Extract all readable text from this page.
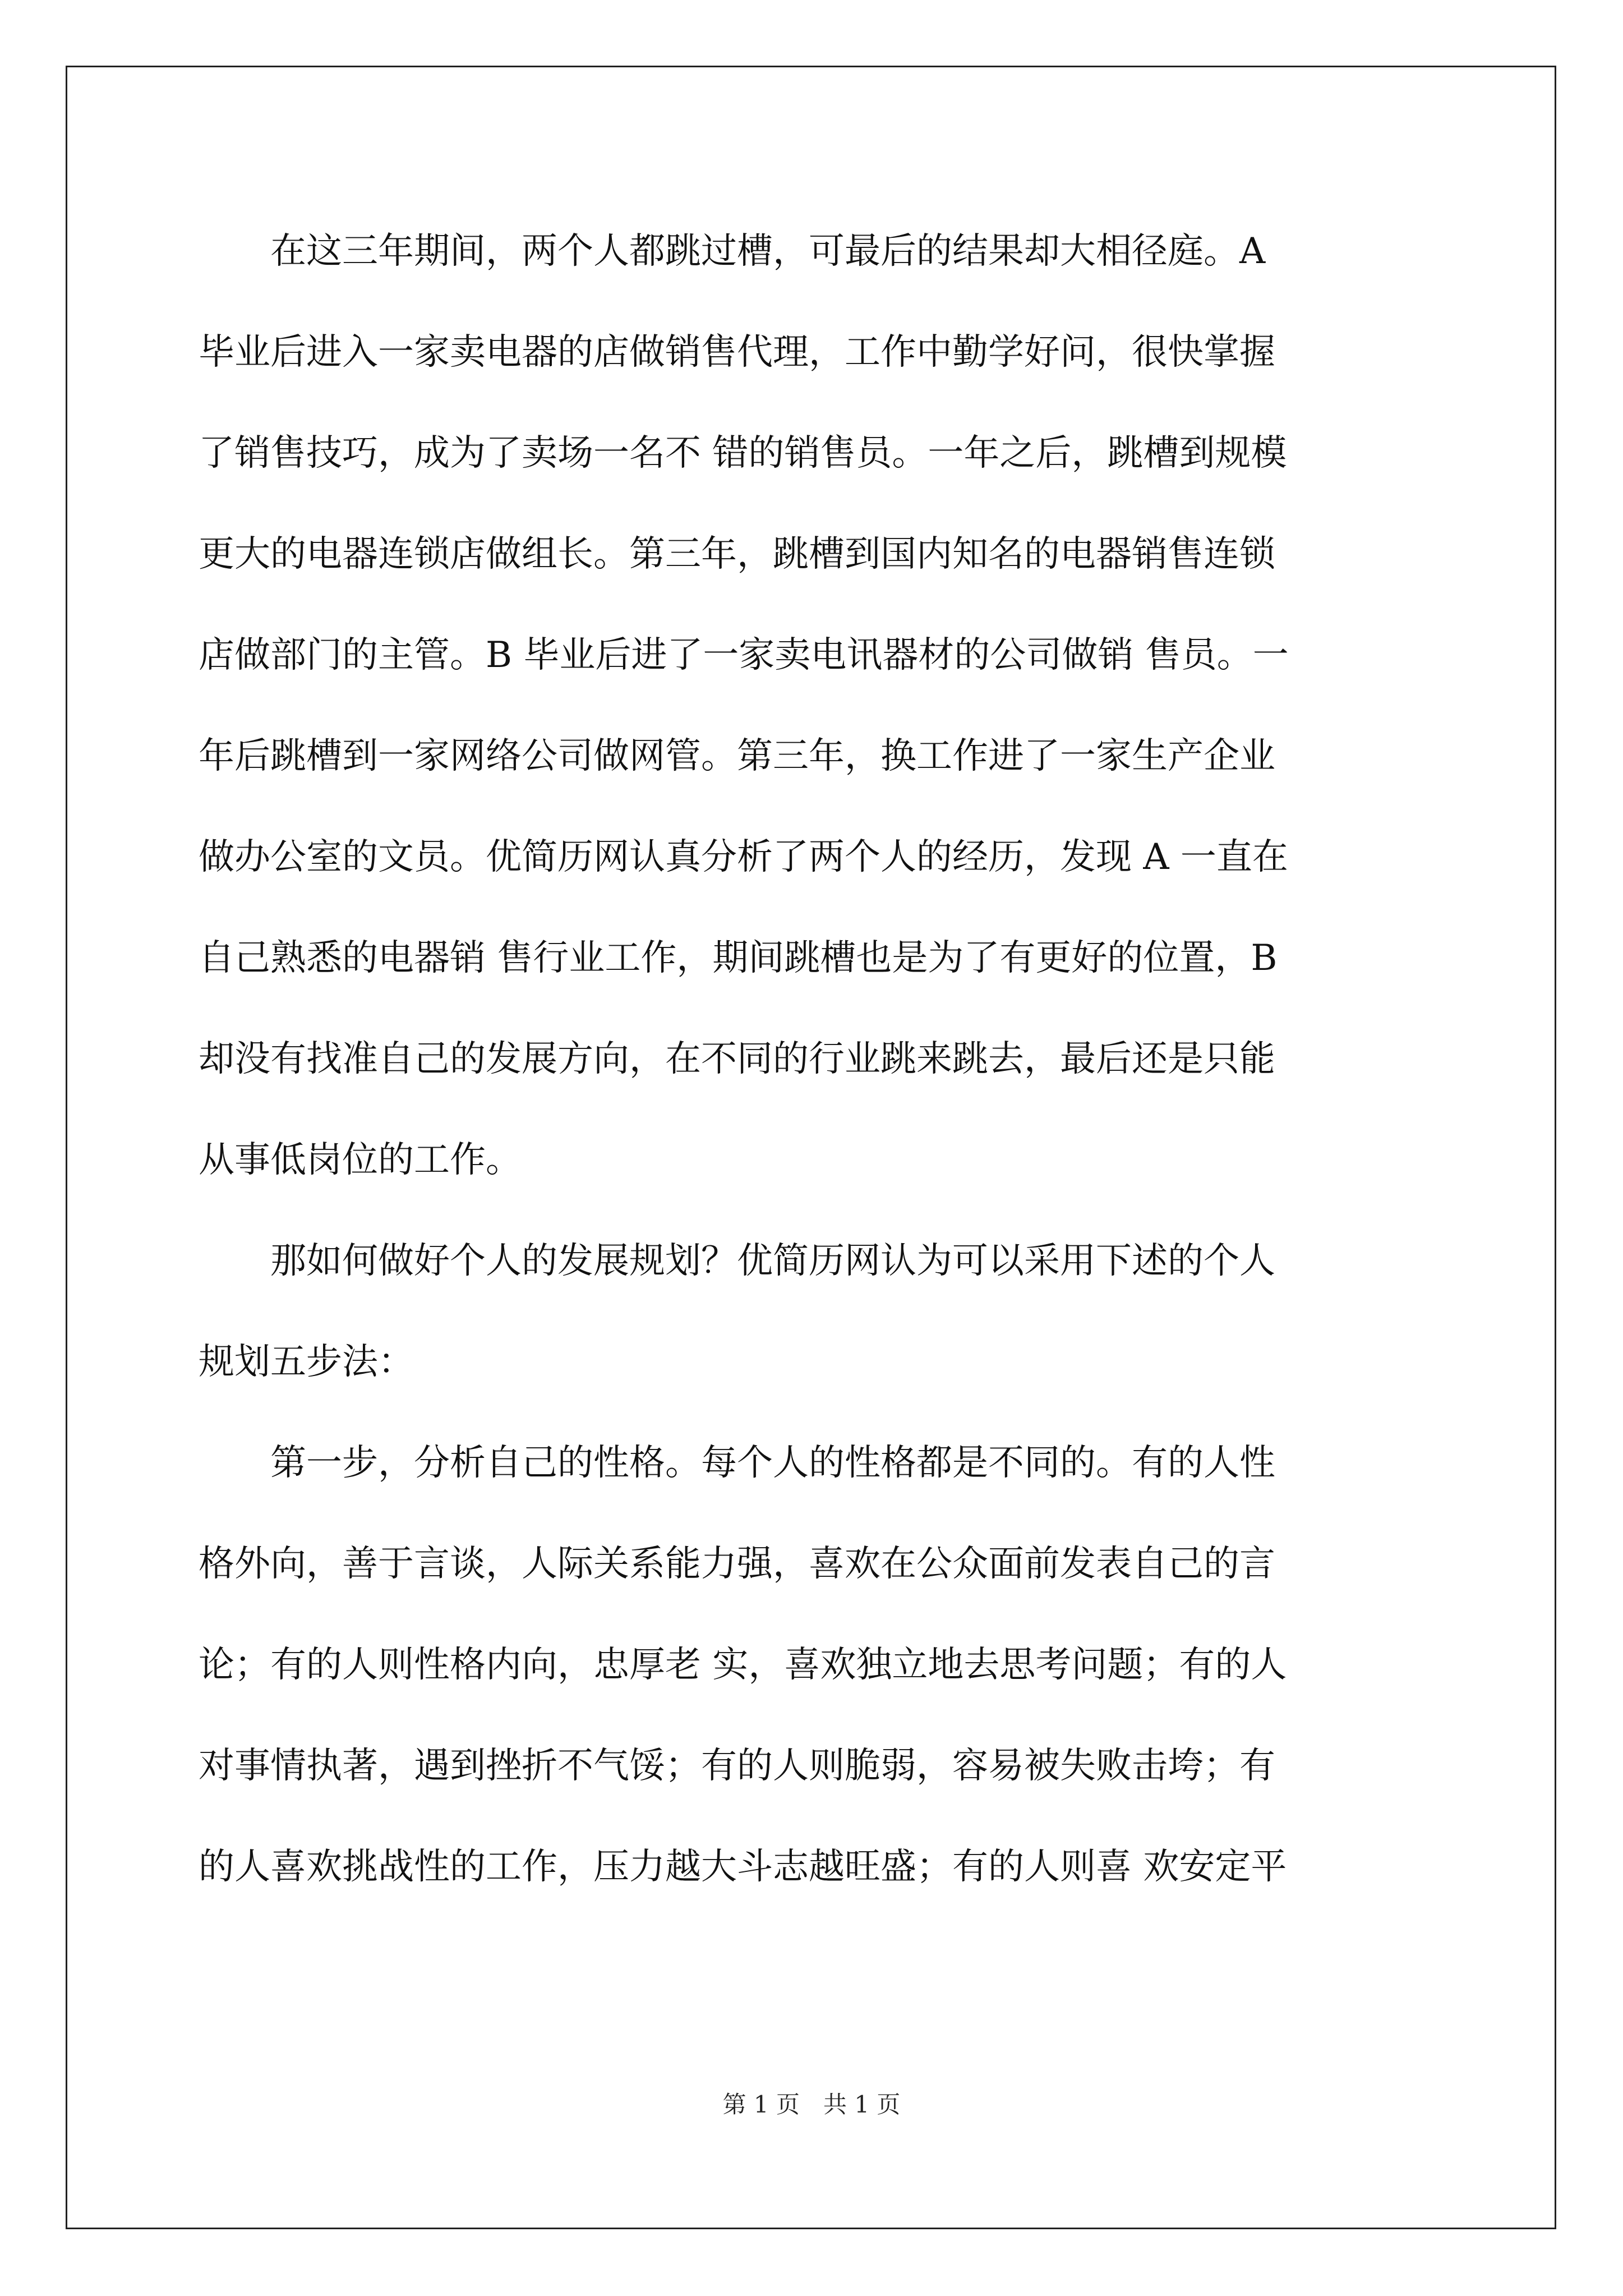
　　在这三年期间，两个人都跳过槽，可最后的结果却大相径庭。A
毕业后进入一家卖电器的店做销售代理，工作中勤学好问，很快掌握
了销售技巧，成为了卖场一名不 错的销售员。一年之后，跳槽到规模
更大的电器连锁店做组长。第三年，跳槽到国内知名的电器销售连锁
店做部门的主管。B 毕业后进了一家卖电讯器材的公司做销 售员。一
年后跳槽到一家网络公司做网管。第三年，换工作进了一家生产企业
做办公室的文员。优简历网认真分析了两个人的经历，发现 A 一直在
自己熟悉的电器销 售行业工作，期间跳槽也是为了有更好的位置，B
却没有找准自己的发展方向，在不同的行业跳来跳去，最后还是只能
从事低岗位的工作。
　　那如何做好个人的发展规划？优简历网认为可以采用下述的个人
规划五步法：
　　第一步，分析自己的性格。每个人的性格都是不同的。有的人性
格外向，善于言谈，人际关系能力强，喜欢在公众面前发表自己的言
论；有的人则性格内向，忠厚老 实，喜欢独立地去思考问题；有的人
对事情执著，遇到挫折不气馁；有的人则脆弱，容易被失败击垮；有
的人喜欢挑战性的工作，压力越大斗志越旺盛；有的人则喜 欢安定平
第 1 页　共 1 页
